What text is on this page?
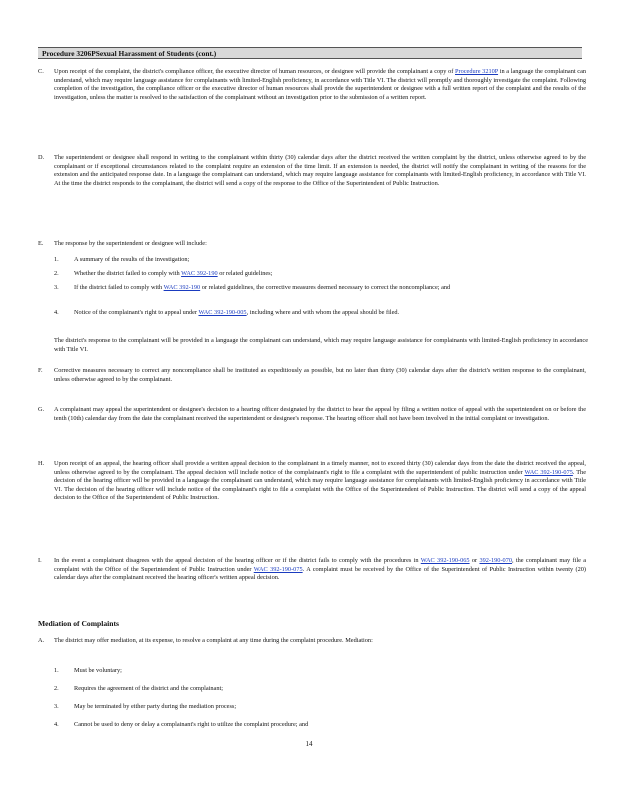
Procedure 3206PSexual Harassment of Students (cont.)
C.	Upon receipt of the complaint, the district's compliance officer, the executive director of human resources, or designee will provide the complainant a copy of Procedure 3210P in a language the complainant can understand, which may require language assistance for complainants with limited-English proficiency, in accordance with Title VI. The district will promptly and thoroughly investigate the complaint. Following completion of the investigation, the compliance officer or the executive director of human resources shall provide the superintendent or designee with a full written report of the complaint and the results of the investigation, unless the matter is resolved to the satisfaction of the complainant without an investigation prior to the submission of a written report.
D.	The superintendent or designee shall respond in writing to the complainant within thirty (30) calendar days after the district received the written complaint by the district, unless otherwise agreed to by the complainant or if exceptional circumstances related to the complaint require an extension of the time limit. If an extension is needed, the district will notify the complainant in writing of the reasons for the extension and the anticipated response date. In a language the complainant can understand, which may require language assistance for complainants with limited-English proficiency, in accordance with Title VI. At the time the district responds to the complainant, the district will send a copy of the response to the Office of the Superintendent of Public Instruction.
E.	The response by the superintendent or designee will include:
1.	A summary of the results of the investigation;
2.	Whether the district failed to comply with WAC 392-190 or related guidelines;
3.	If the district failed to comply with WAC 392-190 or related guidelines, the corrective measures deemed necessary to correct the noncompliance; and
4.	Notice of the complainant's right to appeal under WAC 392-190-005, including where and with whom the appeal should be filed.
The district's response to the complainant will be provided in a language the complainant can understand, which may require language assistance for complainants with limited-English proficiency in accordance with Title VI.
F.	Corrective measures necessary to correct any noncompliance shall be instituted as expeditiously as possible, but no later than thirty (30) calendar days after the district's written response to the complainant, unless otherwise agreed to by the complainant.
G.	A complainant may appeal the superintendent or designee's decision to a hearing officer designated by the district to hear the appeal by filing a written notice of appeal with the superintendent on or before the tenth (10th) calendar day from the date the complainant received the superintendent or designee's response. The hearing officer shall not have been involved in the initial complaint or investigation.
H.	Upon receipt of an appeal, the hearing officer shall provide a written appeal decision to the complainant in a timely manner, not to exceed thirty (30) calendar days from the date the district received the appeal, unless otherwise agreed to by the complainant. The appeal decision will include notice of the complainant's right to file a complaint with the superintendent of public instruction under WAC 392-190-075. The decision of the hearing officer will be provided in a language the complainant can understand, which may require language assistance for complainants with limited-English proficiency in accordance with Title VI. The decision of the hearing officer will include notice of the complainant's right to file a complaint with the Office of the Superintendent of Public Instruction. The district will send a copy of the appeal decision to the Office of the Superintendent of Public Instruction.
I.	In the event a complainant disagrees with the appeal decision of the hearing officer or if the district fails to comply with the procedures in WAC 392-190-065 or 392-190-070, the complainant may file a complaint with the Office of the Superintendent of Public Instruction under WAC 392-190-075. A complaint must be received by the Office of the Superintendent of Public Instruction within twenty (20) calendar days after the complainant received the hearing officer's written appeal decision.
Mediation of Complaints
A.	The district may offer mediation, at its expense, to resolve a complaint at any time during the complaint procedure. Mediation:
1.	Must be voluntary;
2.	Requires the agreement of the district and the complainant;
3.	May be terminated by either party during the mediation process;
4.	Cannot be used to deny or delay a complainant's right to utilize the complaint procedure; and
14
